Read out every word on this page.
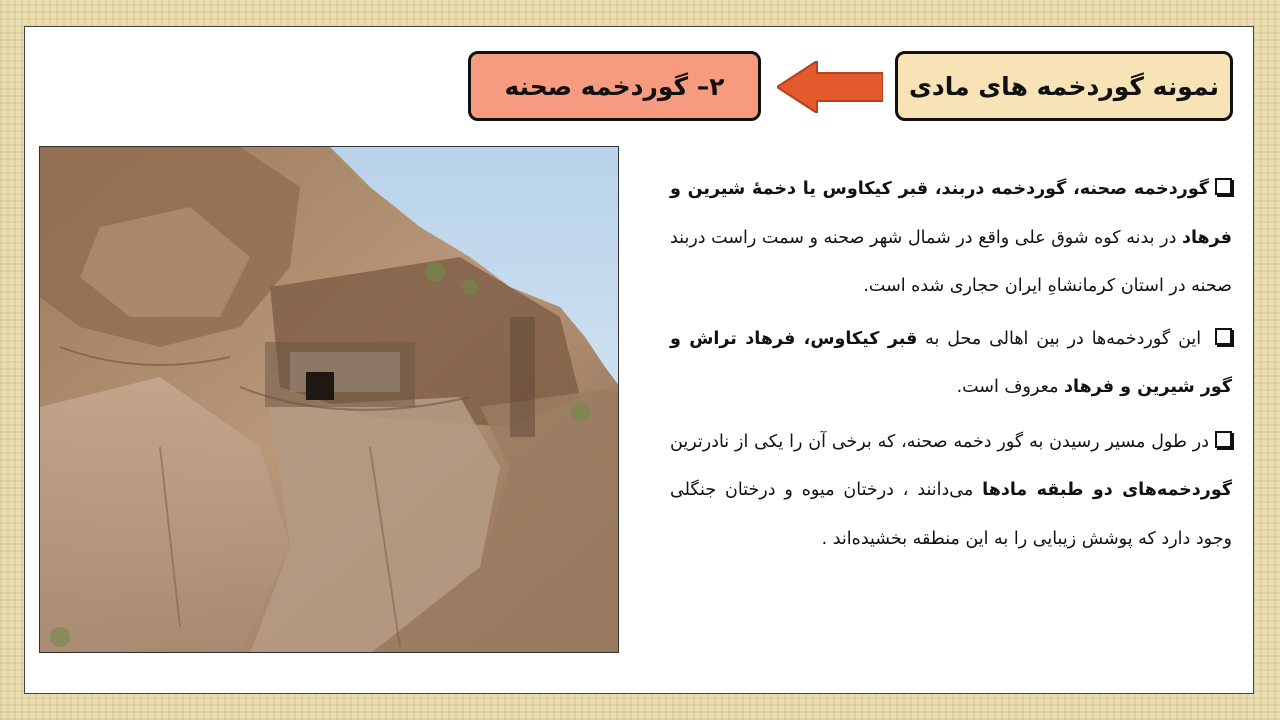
نمونه گوردخمه های مادی
۲– گوردخمه صحنه

گوردخمه صحنه، گوردخمه دربند، قبر کیکاوس یا دخمهٔ شیرین و فرهاد در بدنه کوه شوق علی واقع در شمال شهر صحنه و سمت راست دربند صحنه در استان کرمانشاهِ ایران حجاری شده است.

این گوردخمه‌ها در بین اهالی محل به قبر کیکاوس، فرهاد تراش و گور شیرین و فرهاد معروف است.

در طول مسیر رسیدن به گور دخمه صحنه، که برخی آن را یکی از نادرترین گوردخمه‌های دو طبقه مادها می‌دانند ، درختان میوه و درختان جنگلی وجود دارد که پوشش زیبایی را به این منطقه بخشیده‌اند .
